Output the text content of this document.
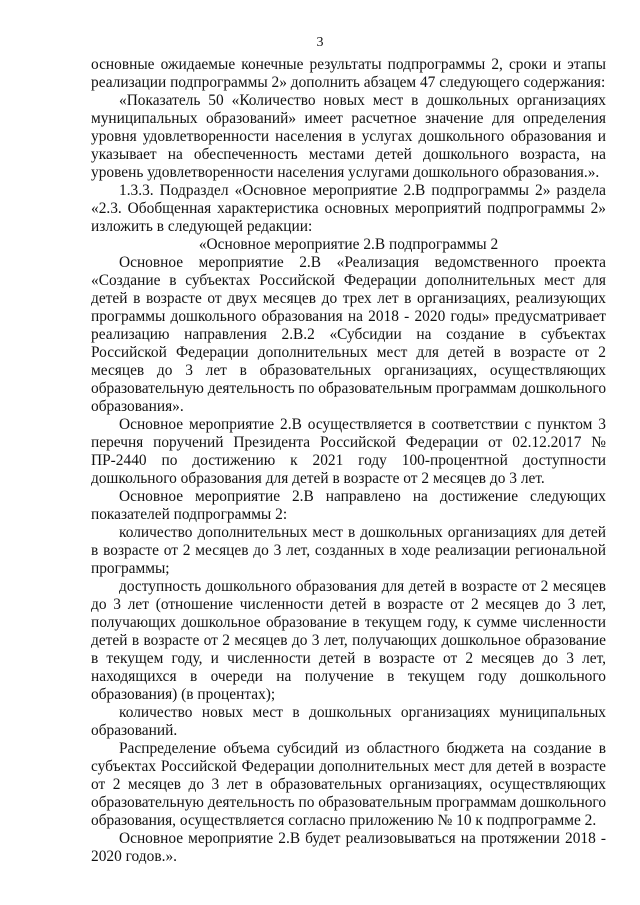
3

основные ожидаемые конечные результаты подпрограммы 2, сроки и этапы реализации подпрограммы 2» дополнить абзацем 47 следующего содержания:

«Показатель 50 «Количество новых мест в дошкольных организациях муниципальных образований» имеет расчетное значение для определения уровня удовлетворенности населения в услугах дошкольного образования и указывает на обеспеченность местами детей дошкольного возраста, на уровень удовлетворенности населения услугами дошкольного образования.».

1.3.3. Подраздел «Основное мероприятие 2.В подпрограммы 2» раздела «2.3. Обобщенная характеристика основных мероприятий подпрограммы 2» изложить в следующей редакции:

«Основное мероприятие 2.В подпрограммы 2

Основное мероприятие 2.В «Реализация ведомственного проекта «Создание в субъектах Российской Федерации дополнительных мест для детей в возрасте от двух месяцев до трех лет в организациях, реализующих программы дошкольного образования на 2018 - 2020 годы» предусматривает реализацию направления 2.В.2 «Субсидии на создание в субъектах Российской Федерации дополнительных мест для детей в возрасте от 2 месяцев до 3 лет в образовательных организациях, осуществляющих образовательную деятельность по образовательным программам дошкольного образования».

Основное мероприятие 2.В осуществляется в соответствии с пунктом 3 перечня поручений Президента Российской Федерации от 02.12.2017 № ПР-2440 по достижению к 2021 году 100-процентной доступности дошкольного образования для детей в возрасте от 2 месяцев до 3 лет.

Основное мероприятие 2.В направлено на достижение следующих показателей подпрограммы 2:

количество дополнительных мест в дошкольных организациях для детей в возрасте от 2 месяцев до 3 лет, созданных в ходе реализации региональной программы;

доступность дошкольного образования для детей в возрасте от 2 месяцев до 3 лет (отношение численности детей в возрасте от 2 месяцев до 3 лет, получающих дошкольное образование в текущем году, к сумме численности детей в возрасте от 2 месяцев до 3 лет, получающих дошкольное образование в текущем году, и численности детей в возрасте от 2 месяцев до 3 лет, находящихся в очереди на получение в текущем году дошкольного образования) (в процентах);

количество новых мест в дошкольных организациях муниципальных образований.

Распределение объема субсидий из областного бюджета на создание в субъектах Российской Федерации дополнительных мест для детей в возрасте от 2 месяцев до 3 лет в образовательных организациях, осуществляющих образовательную деятельность по образовательным программам дошкольного образования, осуществляется согласно приложению № 10 к подпрограмме 2.

Основное мероприятие 2.В будет реализовываться на протяжении 2018 - 2020 годов.».
